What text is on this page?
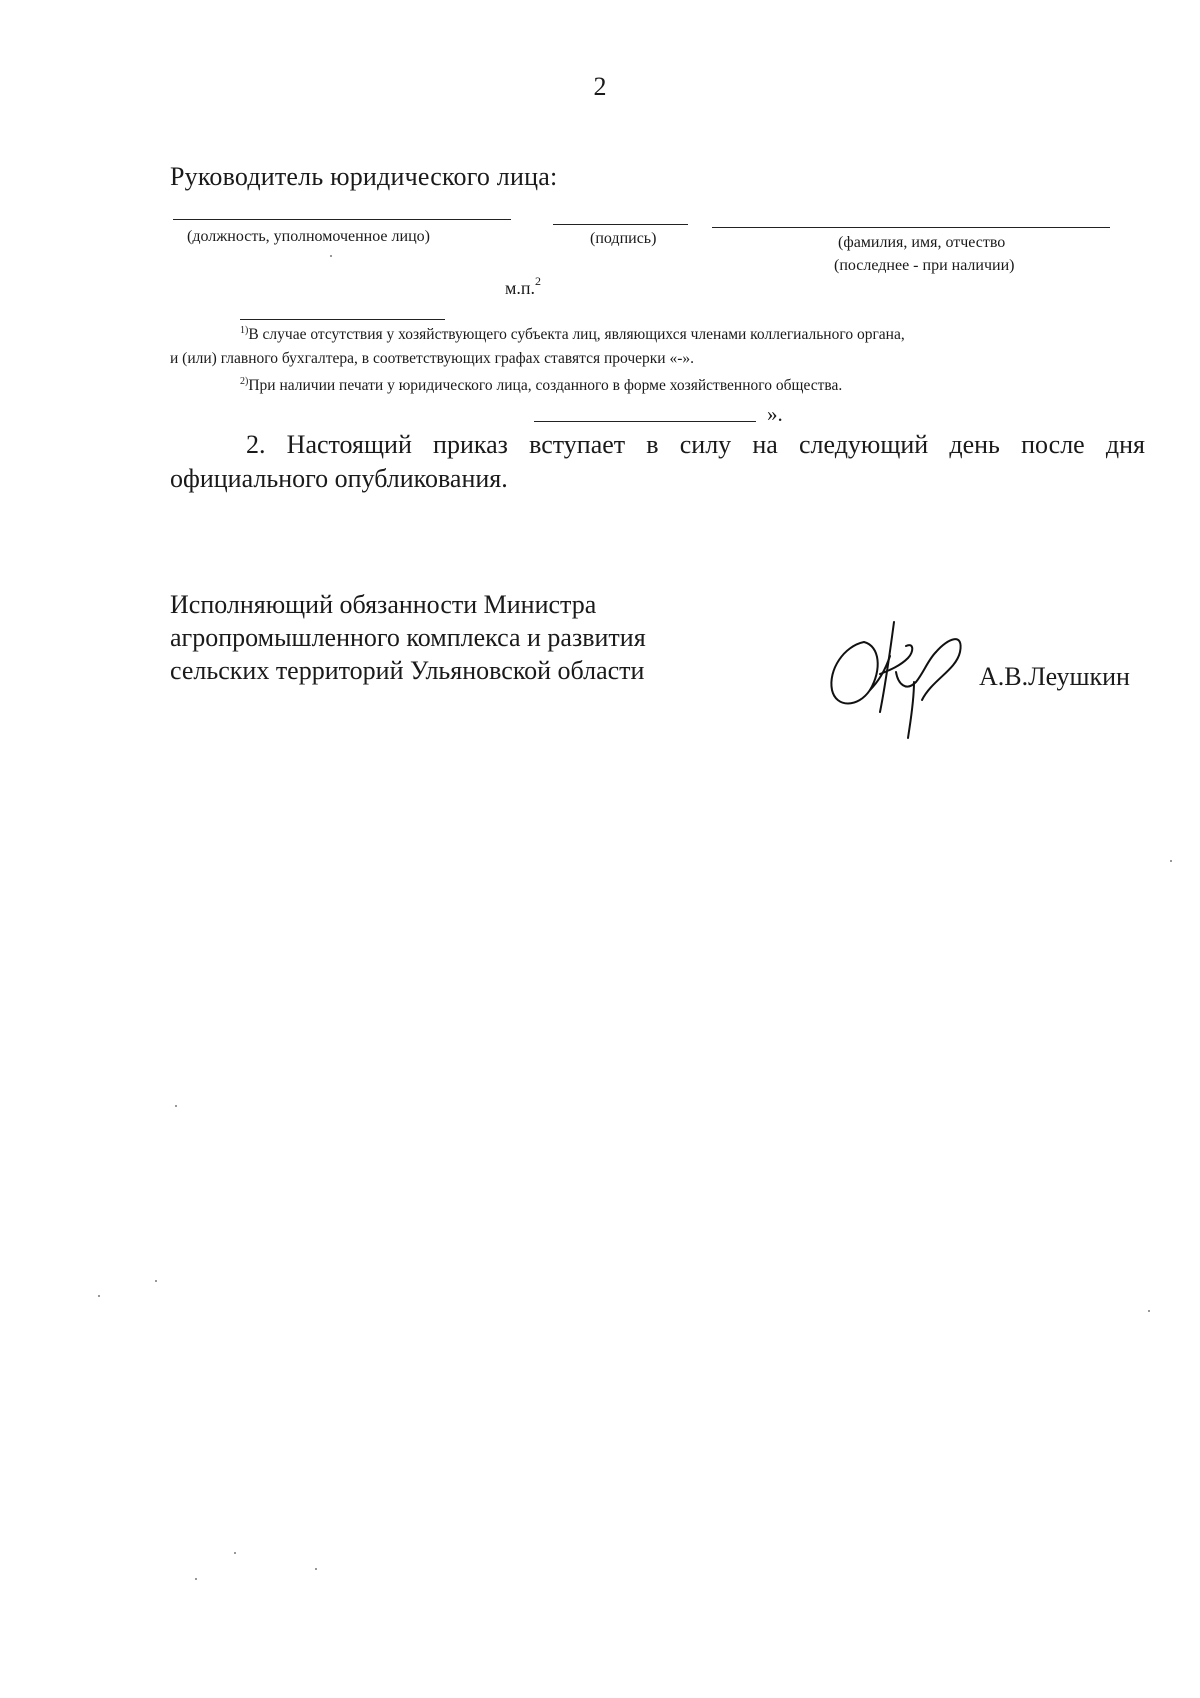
2
Руководитель юридического лица:
(должность, уполномоченное лицо)	(подпись)	(фамилия, имя, отчество
(последнее - при наличии)
м.п.$^2$
$^{1)}$В случае отсутствия у хозяйствующего субъекта лиц, являющихся членами коллегиального органа,
и (или) главного бухгалтера, в соответствующих графах ставятся прочерки «-».
$^{2)}$При наличии печати у юридического лица, созданного в форме хозяйственного общества.
».
2. Настоящий приказ вступает в силу на следующий день после дня
официального опубликования.
Исполняющий обязанности Министра
агропромышленного комплекса и развития
сельских территорий Ульяновской области	А.В.Леушкин
